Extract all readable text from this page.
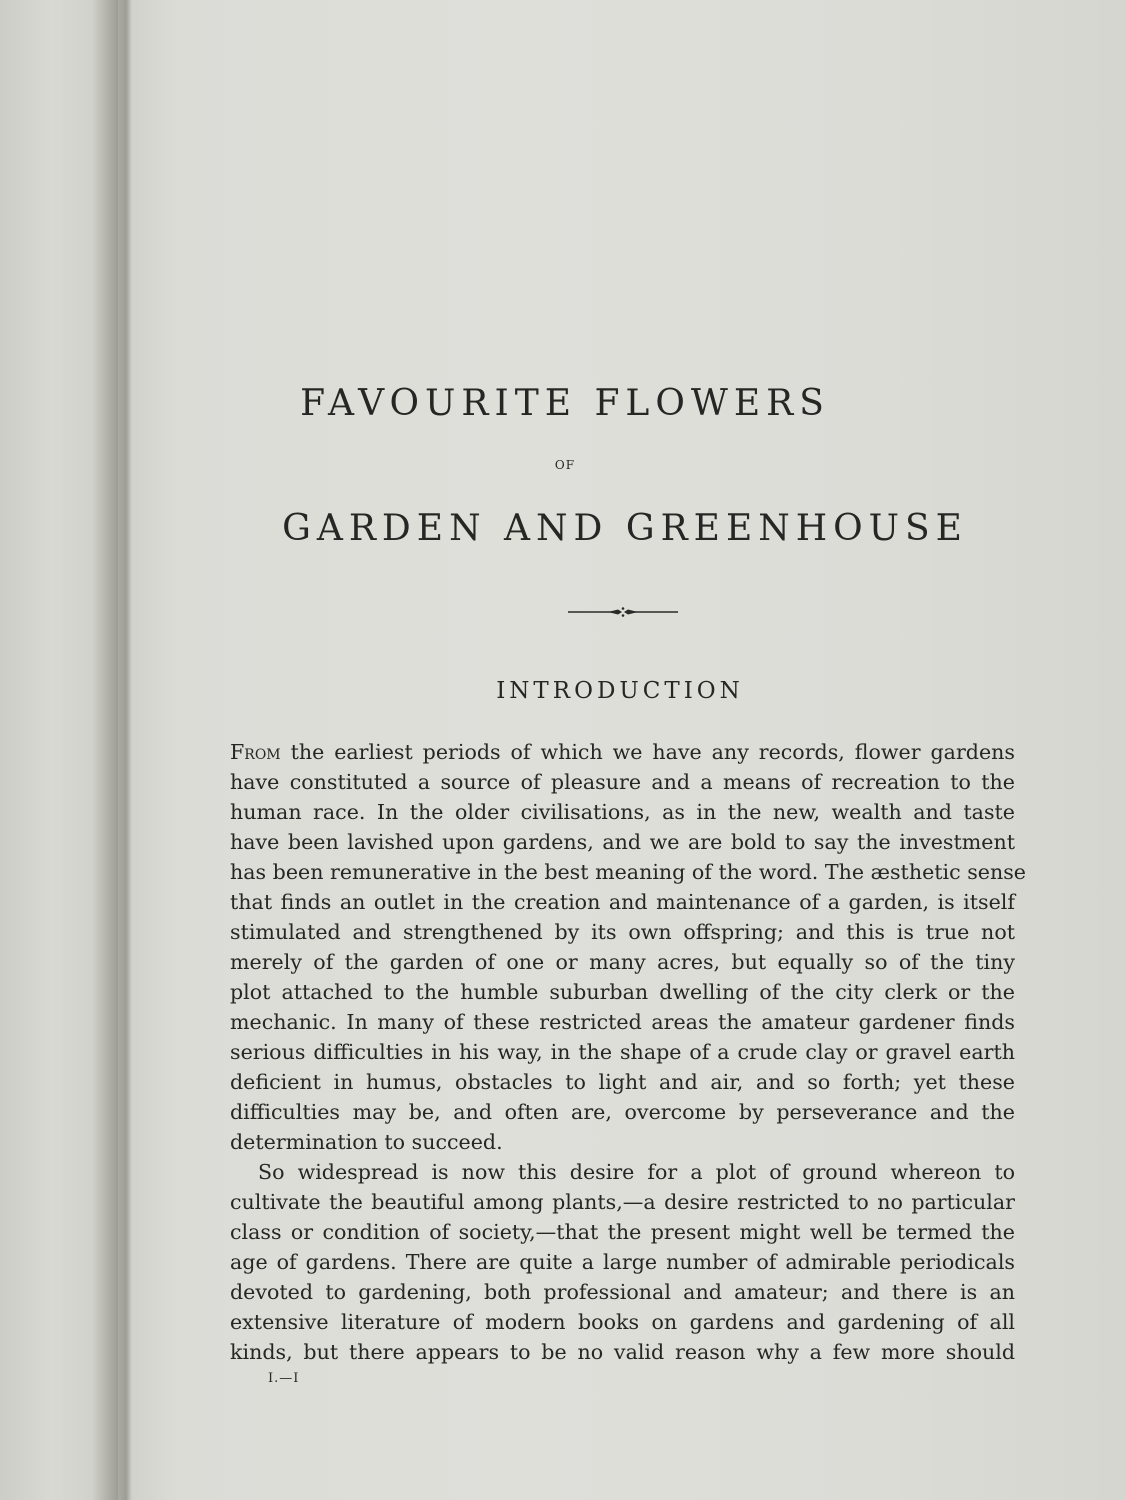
FAVOURITE FLOWERS
OF
GARDEN AND GREENHOUSE
INTRODUCTION
From the earliest periods of which we have any records, flower gardens
have constituted a source of pleasure and a means of recreation to the
human race. In the older civilisations, as in the new, wealth and taste
have been lavished upon gardens, and we are bold to say the investment
has been remunerative in the best meaning of the word. The æsthetic sense
that finds an outlet in the creation and maintenance of a garden, is itself
stimulated and strengthened by its own offspring; and this is true not
merely of the garden of one or many acres, but equally so of the tiny
plot attached to the humble suburban dwelling of the city clerk or the
mechanic. In many of these restricted areas the amateur gardener finds
serious difficulties in his way, in the shape of a crude clay or gravel earth
deficient in humus, obstacles to light and air, and so forth; yet these
difficulties may be, and often are, overcome by perseverance and the
determination to succeed.
So widespread is now this desire for a plot of ground whereon to
cultivate the beautiful among plants,—a desire restricted to no particular
class or condition of society,—that the present might well be termed the
age of gardens. There are quite a large number of admirable periodicals
devoted to gardening, both professional and amateur; and there is an
extensive literature of modern books on gardens and gardening of all
kinds, but there appears to be no valid reason why a few more should
I.—I
